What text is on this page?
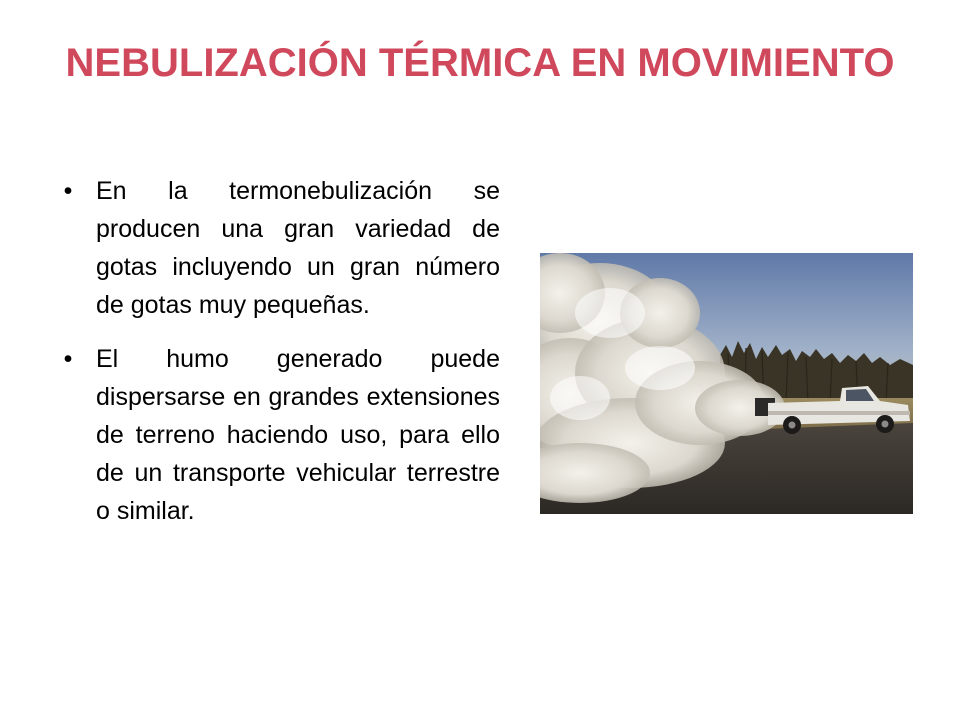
NEBULIZACIÓN TÉRMICA EN MOVIMIENTO
• En la termonebulización se producen una gran variedad de gotas incluyendo un gran número de gotas muy pequeñas.
• El humo generado puede dispersarse en grandes extensiones de terreno haciendo uso, para ello de un transporte vehicular terrestre o similar.
